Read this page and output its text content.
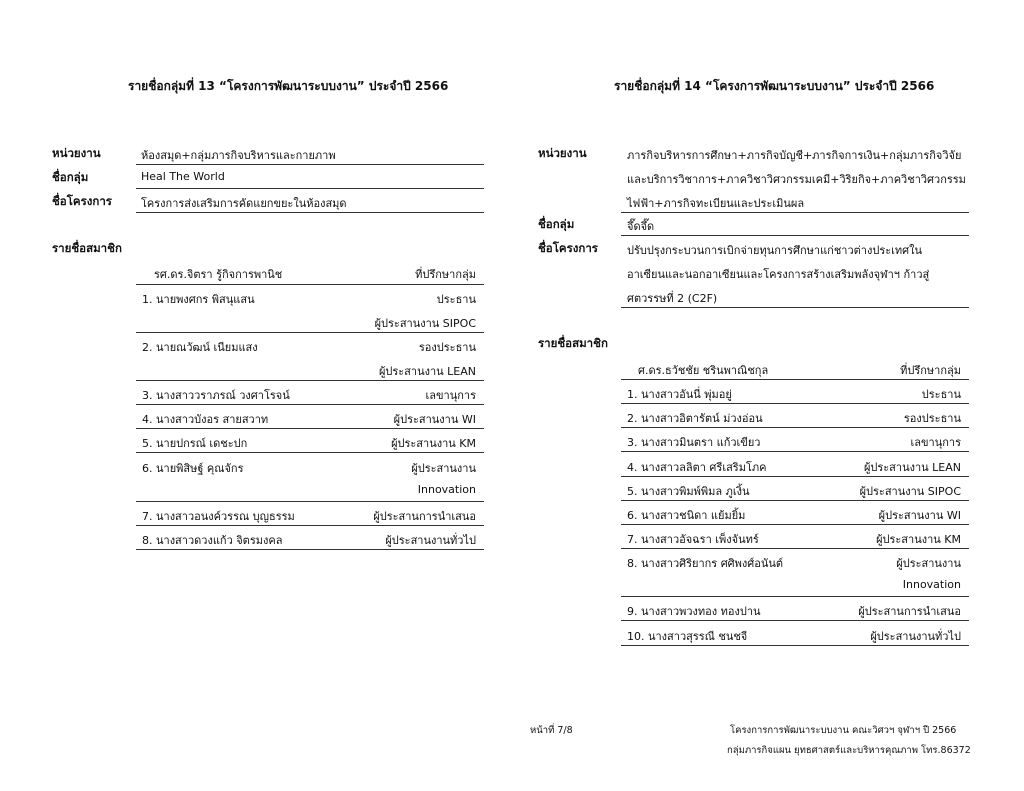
รายชื่อกลุ่มที่ 13 “โครงการพัฒนาระบบงาน” ประจำปี 2566
หน่วยงาน	ห้องสมุด+กลุ่มภารกิจบริหารและกายภาพ
ชื่อกลุ่ม	Heal The World
ชื่อโครงการ	โครงการส่งเสริมการคัดแยกขยะในห้องสมุด
รายชื่อสมาชิก
รศ.ดร.จิตรา รู้กิจการพานิช	ที่ปรึกษากลุ่ม
1. นายพงศกร พิสนุแสน	ประธาน
ผู้ประสานงาน SIPOC
2. นายณวัฒน์ เนียมแสง	รองประธาน
ผู้ประสานงาน LEAN
3. นางสาววราภรณ์ วงศาโรจน์	เลขานุการ
4. นางสาวบังอร สายสวาท	ผู้ประสานงาน WI
5. นายปกรณ์ เดชะปก	ผู้ประสานงาน KM
6. นายพิสิษฐ์ คุณจักร	ผู้ประสานงาน
Innovation
7. นางสาวอนงค์วรรณ บุญธรรม	ผู้ประสานการนำเสนอ
8. นางสาวดวงแก้ว จิตรมงคล	ผู้ประสานงานทั่วไป
รายชื่อกลุ่มที่ 14 “โครงการพัฒนาระบบงาน” ประจำปี 2566
หน่วยงาน	ภารกิจบริหารการศึกษา+ภารกิจบัญชี+ภารกิจการเงิน+กลุ่มภารกิจวิจัย
และบริการวิชาการ+ภาควิชาวิศวกรรมเคมี+วิริยกิจ+ภาควิชาวิศวกรรม
ไฟฟ้า+ภารกิจทะเบียนและประเมินผล
ชื่อกลุ่ม	จึ๊ดจึ๊ด
ชื่อโครงการ	ปรับปรุงกระบวนการเบิกจ่ายทุนการศึกษาแก่ชาวต่างประเทศใน
อาเซียนและนอกอาเซียนและโครงการสร้างเสริมพลังจุฬาฯ ก้าวสู่
ศตวรรษที่ 2 (C2F)
รายชื่อสมาชิก
ศ.ดร.ธวัชชัย ชรินพาณิชกุล	ที่ปรึกษากลุ่ม
1. นางสาวอันนี่ พุ่มอยู่	ประธาน
2. นางสาวอิตารัตน์ ม่วงอ่อน	รองประธาน
3. นางสาวมินตรา แก้วเขียว	เลขานุการ
4. นางสาวลลิตา ศรีเสริมโภค	ผู้ประสานงาน LEAN
5. นางสาวพิมพ์พิมล ภูเงิ้น	ผู้ประสานงาน SIPOC
6. นางสาวชนิดา แย้มยิ้ม	ผู้ประสานงาน WI
7. นางสาวอัจฉรา เพ็งจันทร์	ผู้ประสานงาน KM
8. นางสาวศิริยากร ศศิพงศ์อนันต์	ผู้ประสานงาน
Innovation
9. นางสาวพวงทอง ทองปาน	ผู้ประสานการนำเสนอ
10. นางสาวสุรรณี ชนชจี	ผู้ประสานงานทั่วไป
หน้าที่ 7/8	โครงการการพัฒนาระบบงาน คณะวิศวฯ จุฬาฯ ปี 2566
กลุ่มภารกิจแผน ยุทธศาสตร์และบริหารคุณภาพ โทร.86372
